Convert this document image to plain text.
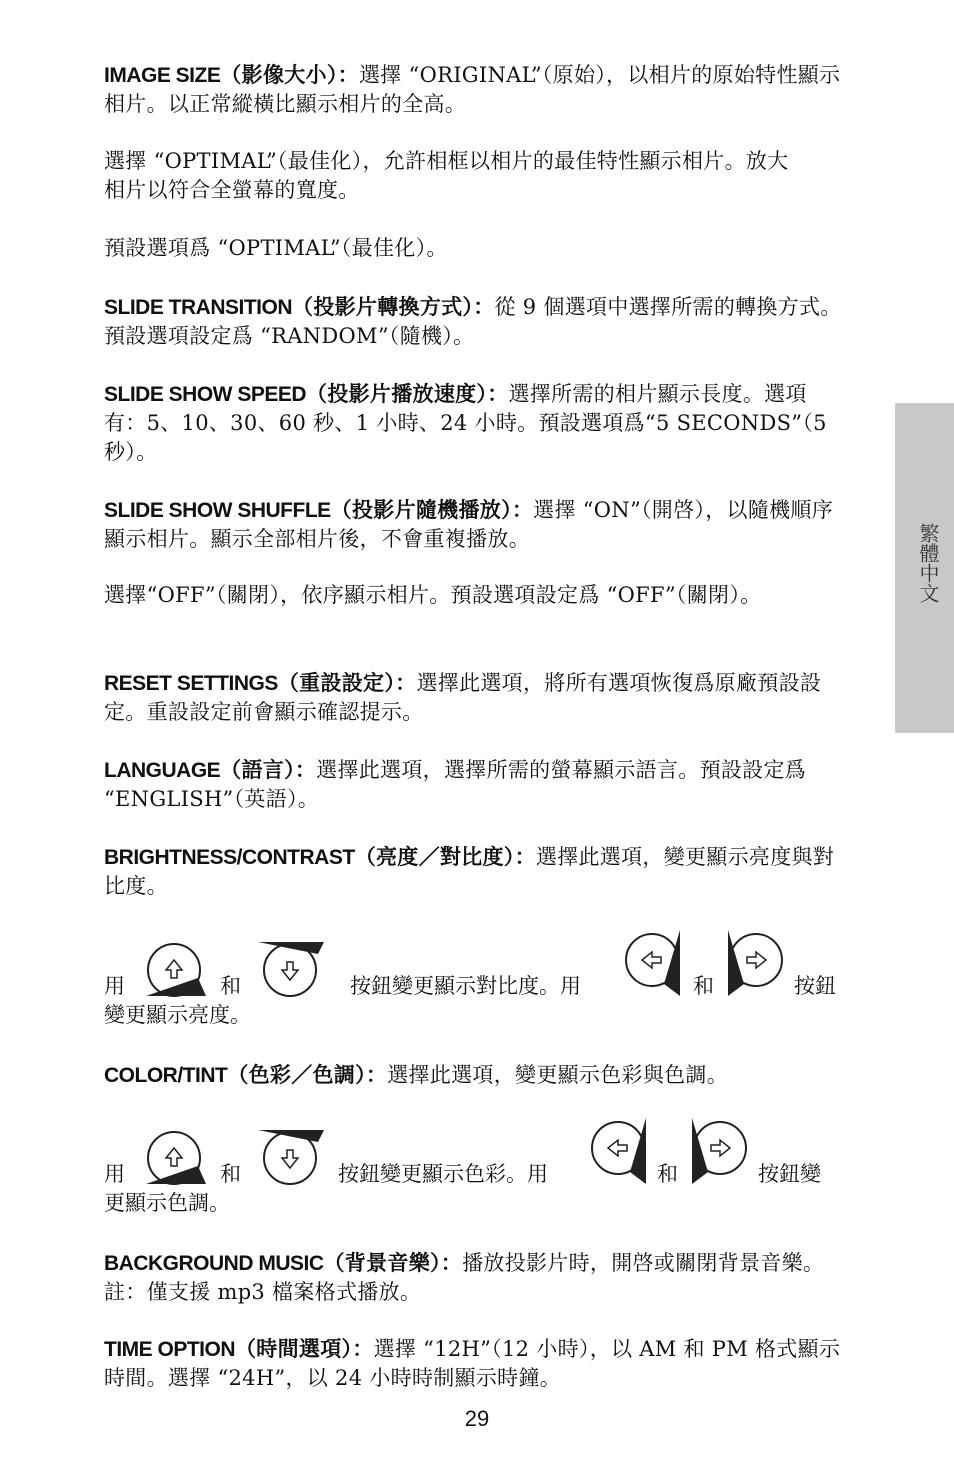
繁體中文

IMAGE SIZE（影像大小）：選擇 “ORIGINAL”（原始），以相片的原始特性顯示相片。以正常縱橫比顯示相片的全高。

選擇 “OPTIMAL”（最佳化），允許相框以相片的最佳特性顯示相片。放大相片以符合全螢幕的寬度。

預設選項爲 “OPTIMAL”（最佳化）。

SLIDE TRANSITION（投影片轉換方式）：從 9 個選項中選擇所需的轉換方式。預設選項設定爲 “RANDOM”（隨機）。

SLIDE SHOW SPEED（投影片播放速度）：選擇所需的相片顯示長度。選項有：5、10、30、60 秒、1 小時、24 小時。預設選項爲“5 SECONDS”（5 秒）。

SLIDE SHOW SHUFFLE（投影片隨機播放）：選擇 “ON”（開啓），以隨機順序顯示相片。顯示全部相片後，不會重複播放。

選擇“OFF”（關閉），依序顯示相片。預設選項設定爲 “OFF”（關閉）。

RESET SETTINGS（重設設定）：選擇此選項，將所有選項恢復爲原廠預設設定。重設設定前會顯示確認提示。

LANGUAGE（語言）：選擇此選項，選擇所需的螢幕顯示語言。預設設定爲 “ENGLISH”（英語）。

BRIGHTNESS/CONTRAST（亮度／對比度）：選擇此選項，變更顯示亮度與對比度。

用	和	按鈕變更顯示對比度。用	和	按鈕
變更顯示亮度。

COLOR/TINT（色彩／色調）：選擇此選項，變更顯示色彩與色調。

用	和	按鈕變更顯示色彩。用	和	按鈕變
更顯示色調。

BACKGROUND MUSIC（背景音樂）：播放投影片時，開啓或關閉背景音樂。註：僅支援 mp3 檔案格式播放。

TIME OPTION（時間選項）：選擇 “12H”（12 小時），以 AM 和 PM 格式顯示時間。選擇 “24H”，以 24 小時時制顯示時鐘。

29
